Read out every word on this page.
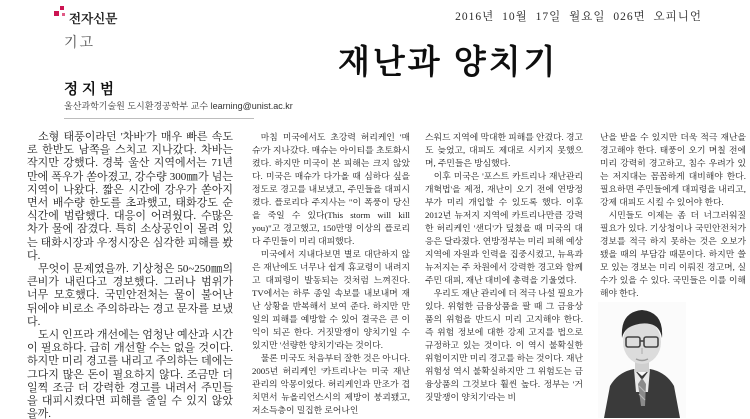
전자신문	2016년 10월 17일 월요일 026면 오피니언
기고
재난과 양치기
정지범
울산과학기술원 도시환경공학부 교수 learning@unist.ac.kr

소형 태풍이라던 '차바'가 매우 빠른 속도로 한반도 남쪽을 스치고 지나갔다. 차바는 작지만 강했다. 경북 울산 지역에서는 71년 만에 폭우가 쏟아졌고, 강수량 300㎜가 넘는 지역이 나왔다. 짧은 시간에 강우가 쏟아지면서 배수량 한도를 초과했고, 태화강도 순식간에 범람했다. 대응이 어려웠다. 수많은 차가 물에 잠겼다. 특히 소상공인이 몰려 있는 태화시장과 우정시장은 심각한 피해를 봤다.

무엇이 문제였을까. 기상청은 50~250㎜의 큰비가 내린다고 경보했다. 그러나 범위가 너무 모호했다. 국민안전처는 물이 불어난 뒤에야 비로소 주의하라는 경고 문자를 보냈다.

도시 인프라 개선에는 엄청난 예산과 시간이 필요하다. 급히 개선할 수는 없을 것이다. 하지만 미리 경고를 내리고 주의하는 데에는 그다지 많은 돈이 필요하지 않다. 조금만 더 일찍 조금 더 강력한 경고를 내려서 주민들을 대피시켰다면 피해를 줄일 수 있지 않았을까.

마침 미국에서도 초강력 허리케인 '매슈'가 지나갔다. 매슈는 아이티를 초토화시켰다. 하지만 미국이 본 피해는 크지 않았다. 미국은 매슈가 다가올 때 심하다 싶을 정도로 경고를 내보냈고, 주민들을 대피시켰다. 플로리다 주지사는 "이 폭풍이 당신을 죽일 수 있다(This storm will kill you)"고 경고했고, 150만명 이상의 플로리다 주민들이 미리 대피했다.

미국에서 지내다보면 별로 대단하지 않은 재난에도 너무나 쉽게 휴교령이 내려지고 대피령이 발동되는 것처럼 느껴진다. TV에서는 하루 종일 속보를 내보내며 재난 상황을 반복해서 보여 준다. 하지만 만일의 피해를 예방할 수 있어 결국은 큰 이익이 되곤 한다. 거짓말쟁이 양치기일 수 있지만 '선량한 양치기'라는 것이다.

물론 미국도 처음부터 잘한 것은 아니다. 2005년 허리케인 '카트리나'는 미국 재난 관리의 악몽이었다. 허리케인과 만조가 겹치면서 뉴올리언스시의 제방이 붕괴됐고, 저소득층이 밀집한 로어나인

스워드 지역에 막대한 피해를 안겼다. 경고도 늦었고, 대피도 제대로 시키지 못했으며, 주민들은 방심했다.

이후 미국은 '포스트 카트리나 재난관리개혁법'을 제정, 재난이 오기 전에 연방정부가 미리 개입할 수 있도록 했다. 이후 2012년 뉴저지 지역에 카트리나만큼 강력한 허리케인 '샌디'가 덮쳤을 때 미국의 대응은 달라졌다. 연방정부는 미리 피해 예상 지역에 자원과 인력을 집중시켰고, 뉴욕과 뉴저지는 주 차원에서 강력한 경고와 함께 주민 대피, 재난 대비에 총력을 기울였다.

우리도 재난 관리에 더 적극 나설 필요가 있다. 위험한 금융상품을 팔 때 그 금융상품의 위험을 반드시 미리 고지해야 한다. 즉 위험 정보에 대한 강제 고지를 법으로 규정하고 있는 것이다. 이 역시 불확실한 위험이지만 미리 경고를 하는 것이다. 재난 위험성 역시 불확실하지만 그 위험도는 금융상품의 그것보다 훨씬 높다. 정부는 '거짓말쟁이 양치기'라는 비

난을 받을 수 있지만 더욱 적극 재난을 경고해야 한다. 태풍이 오기 며칠 전에 미리 강력히 경고하고, 침수 우려가 있는 저지대는 꼼꼼하게 대비해야 한다. 필요하면 주민들에게 대피령을 내리고, 강제 대피도 시킬 수 있어야 한다.

시민들도 이제는 좀 더 너그러워질 필요가 있다. 기상청이나 국민안전처가 경보를 적극 하지 못하는 것은 오보가 됐을 때의 부담감 때문이다. 하지만 쓸모 있는 경보는 미리 이뤄진 경고며, 실수가 있을 수 있다. 국민들은 이를 이해해야 한다.
